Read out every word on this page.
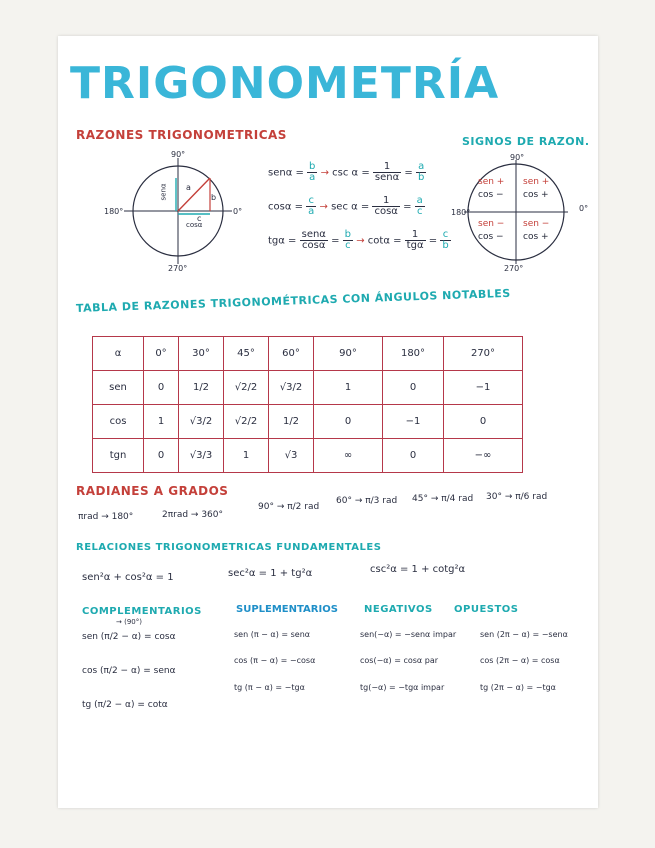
TRIGONOMETRÍA
RAZONES TRIGONOMETRICAS
90°
180°	0°
270°
a
b
c
senα
cosα
$sen\alpha = \frac{b}{a} \to \csc \alpha = \frac{1}{\text{senα}} = \frac{a}{b}$
$\cos\alpha = \frac{c}{a} \to \sec \alpha = \frac{1}{\cos\alpha} = \frac{a}{c}$
$tg\alpha = \frac{\text{senα}}{\cos\alpha} = \frac{b}{c} \to \cot\alpha = \frac{1}{\text{tgα}} = \frac{c}{b}$
SIGNOS DE RAZON.
90°
180°	0°
270°
sen +
cos −
sen +
cos +
sen −
cos −
sen −
cos +
TABLA DE RAZONES TRIGONOMÉTRICAS CON ÁNGULOS NOTABLES
α	0°	30°	45°	60°	90°	180°	270°
sen	0	1/2	√2/2	√3/2	1	0	−1
cos	1	√3/2	√2/2	1/2	0	−1	0
tgn	0	√3/3	1	√3	∞	0	−∞
RADIANES A GRADOS
πrad → 180°	2πrad → 360°
90° → π/2 rad
60° → π/3 rad 45° → π/4 rad 30° → π/6 rad
RELACIONES TRIGONOMETRICAS FUNDAMENTALES
sen²α + cos²α = 1	sec²α = 1 + tg²α	csc²α = 1 + cotg²α
COMPLEMENTARIOS	SUPLEMENTARIOS	NEGATIVOS OPUESTOS
→ (90°)
sen (π/2 − α) = cosα
cos (π/2 − α) = senα
tg (π/2 − α) = cotα
sen (π − α) = senα
cos (π − α) = −cosα
tg (π − α) = −tgα
sen(−α) = −senα impar
cos(−α) = cosα par
tg(−α) = −tgα impar
sen (2π − α) = −senα
cos (2π − α) = cosα
tg (2π − α) = −tgα
